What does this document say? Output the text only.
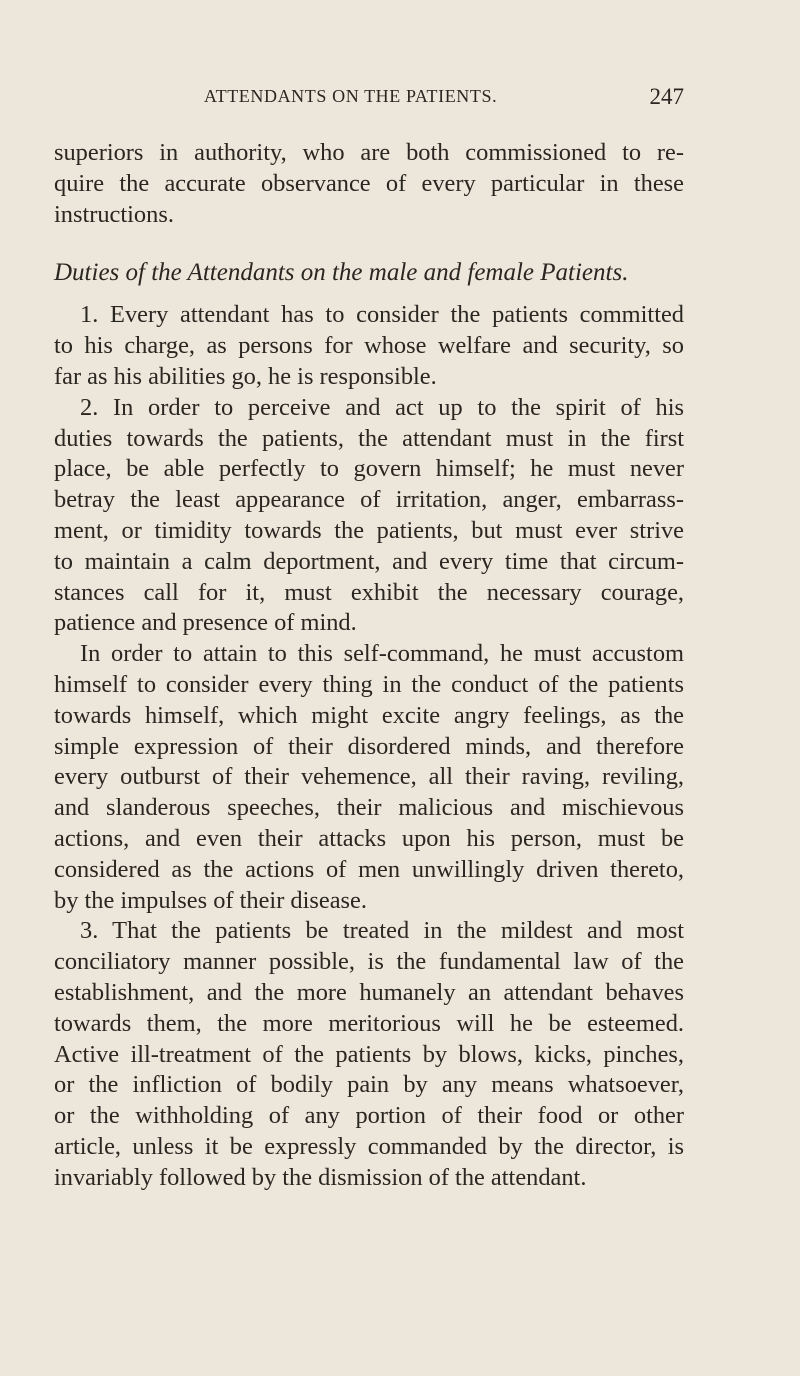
ATTENDANTS ON THE PATIENTS.	247
superiors in authority, who are both commissioned to re-
quire the accurate observance of every particular in these
instructions.
Duties of the Attendants on the male and female Patients.
1. Every attendant has to consider the patients committed
to his charge, as persons for whose welfare and security, so
far as his abilities go, he is responsible.
2. In order to perceive and act up to the spirit of his
duties towards the patients, the attendant must in the first
place, be able perfectly to govern himself; he must never
betray the least appearance of irritation, anger, embarrass-
ment, or timidity towards the patients, but must ever strive
to maintain a calm deportment, and every time that circum-
stances call for it, must exhibit the necessary courage,
patience and presence of mind.
In order to attain to this self-command, he must accustom
himself to consider every thing in the conduct of the patients
towards himself, which might excite angry feelings, as the
simple expression of their disordered minds, and therefore
every outburst of their vehemence, all their raving, reviling,
and slanderous speeches, their malicious and mischievous
actions, and even their attacks upon his person, must be
considered as the actions of men unwillingly driven thereto,
by the impulses of their disease.
3. That the patients be treated in the mildest and most
conciliatory manner possible, is the fundamental law of the
establishment, and the more humanely an attendant behaves
towards them, the more meritorious will he be esteemed.
Active ill-treatment of the patients by blows, kicks, pinches,
or the infliction of bodily pain by any means whatsoever,
or the withholding of any portion of their food or other
article, unless it be expressly commanded by the director, is
invariably followed by the dismission of the attendant.
